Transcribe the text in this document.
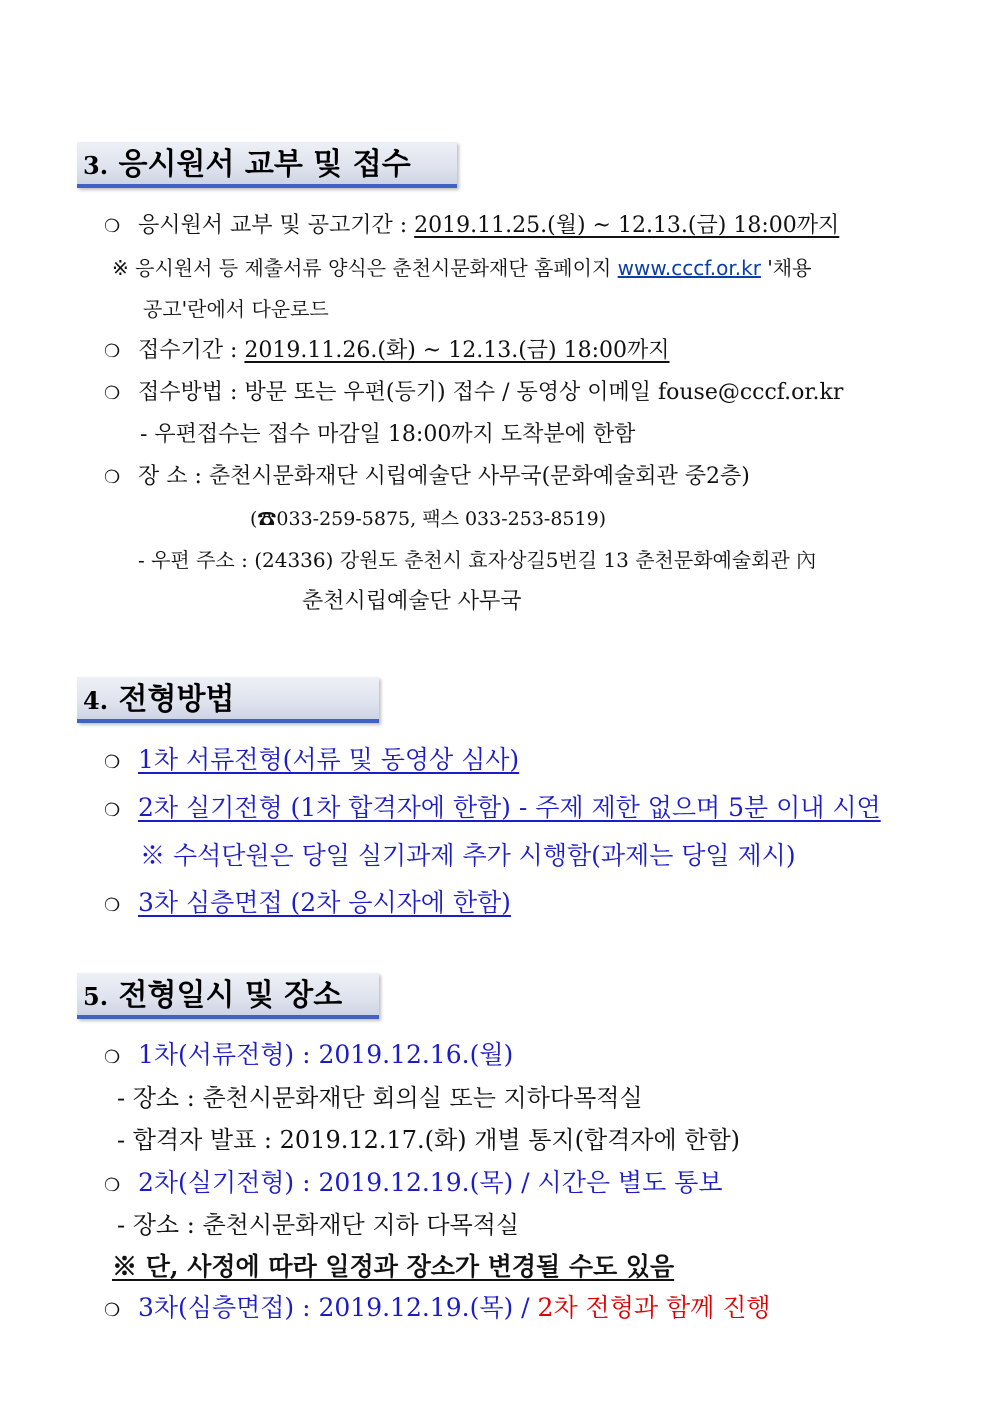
3. 응시원서 교부 및 접수
❍ 응시원서 교부 및 공고기간 : 2019.11.25.(월) ~ 12.13.(금) 18:00까지
※ 응시원서 등 제출서류 양식은 춘천시문화재단 홈페이지 www.cccf.or.kr '채용
공고'란에서 다운로드
❍ 접수기간 : 2019.11.26.(화) ~ 12.13.(금) 18:00까지
❍ 접수방법 : 방문 또는 우편(등기) 접수 / 동영상 이메일 fouse@cccf.or.kr
- 우편접수는 접수 마감일 18:00까지 도착분에 한함
❍ 장 소 : 춘천시문화재단 시립예술단 사무국(문화예술회관 중2층)
(☎033-259-5875, 팩스 033-253-8519)
- 우편 주소 : (24336) 강원도 춘천시 효자상길5번길 13 춘천문화예술회관 內
춘천시립예술단 사무국
4. 전형방법
❍ 1차 서류전형(서류 및 동영상 심사)
❍ 2차 실기전형 (1차 합격자에 한함) - 주제 제한 없으며 5분 이내 시연
※ 수석단원은 당일 실기과제 추가 시행함(과제는 당일 제시)
❍ 3차 심층면접 (2차 응시자에 한함)
5. 전형일시 및 장소
❍ 1차(서류전형) : 2019.12.16.(월)
- 장소 : 춘천시문화재단 회의실 또는 지하다목적실
- 합격자 발표 : 2019.12.17.(화) 개별 통지(합격자에 한함)
❍ 2차(실기전형) : 2019.12.19.(목) / 시간은 별도 통보
- 장소 : 춘천시문화재단 지하 다목적실
※ 단, 사정에 따라 일정과 장소가 변경될 수도 있음
❍ 3차(심층면접) : 2019.12.19.(목) / 2차 전형과 함께 진행
